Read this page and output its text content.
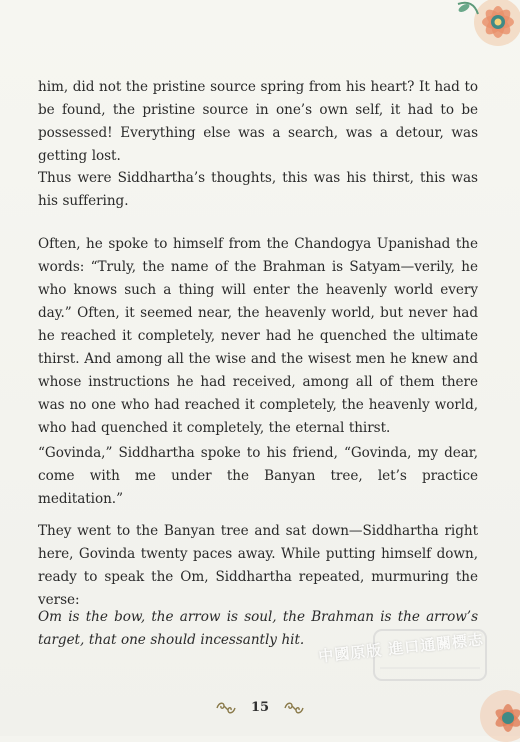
him, did not the pristine source spring from his heart? It had to be found, the pristine source in one’s own self, it had to be possessed! Everything else was a search, was a detour, was getting lost.

Thus were Siddhartha’s thoughts, this was his thirst, this was his suffering.

Often, he spoke to himself from the Chandogya Upanishad the words: “Truly, the name of the Brahman is Satyam—verily, he who knows such a thing will enter the heavenly world every day.” Often, it seemed near, the heavenly world, but never had he reached it completely, never had he quenched the ultimate thirst. And among all the wise and the wisest men he knew and whose instructions he had received, among all of them there was no one who had reached it completely, the heavenly world, who had quenched it completely, the eternal thirst.

“Govinda,” Siddhartha spoke to his friend, “Govinda, my dear, come with me under the Banyan tree, let’s practice meditation.”

They went to the Banyan tree and sat down—Siddhartha right here, Govinda twenty paces away. While putting himself down, ready to speak the Om, Siddhartha repeated, murmuring the verse:

Om is the bow, the arrow is soul, the Brahman is the arrow’s target, that one should incessantly hit. 中國原版 進口通關標志
15
